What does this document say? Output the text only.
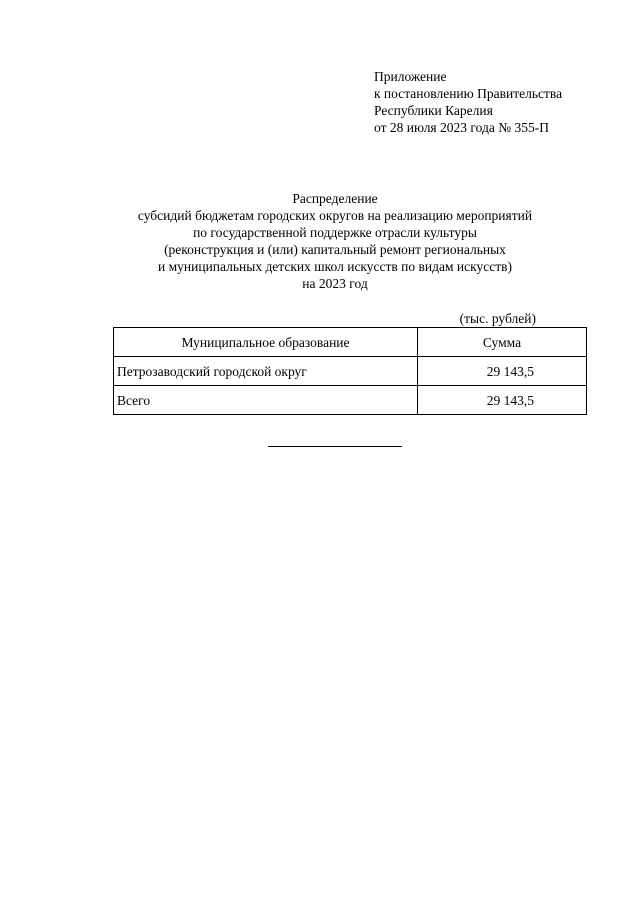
Приложение
к постановлению Правительства
Республики Карелия
от 28 июля 2023 года № 355-П
Распределение
субсидий бюджетам городских округов на реализацию мероприятий
по государственной поддержке отрасли культуры
(реконструкция и (или) капитальный ремонт региональных
и муниципальных детских школ искусств по видам искусств)
на 2023 год
(тыс. рублей)
Муниципальное образование	Сумма
Петрозаводский городской округ	29 143,5
Всего	29 143,5
